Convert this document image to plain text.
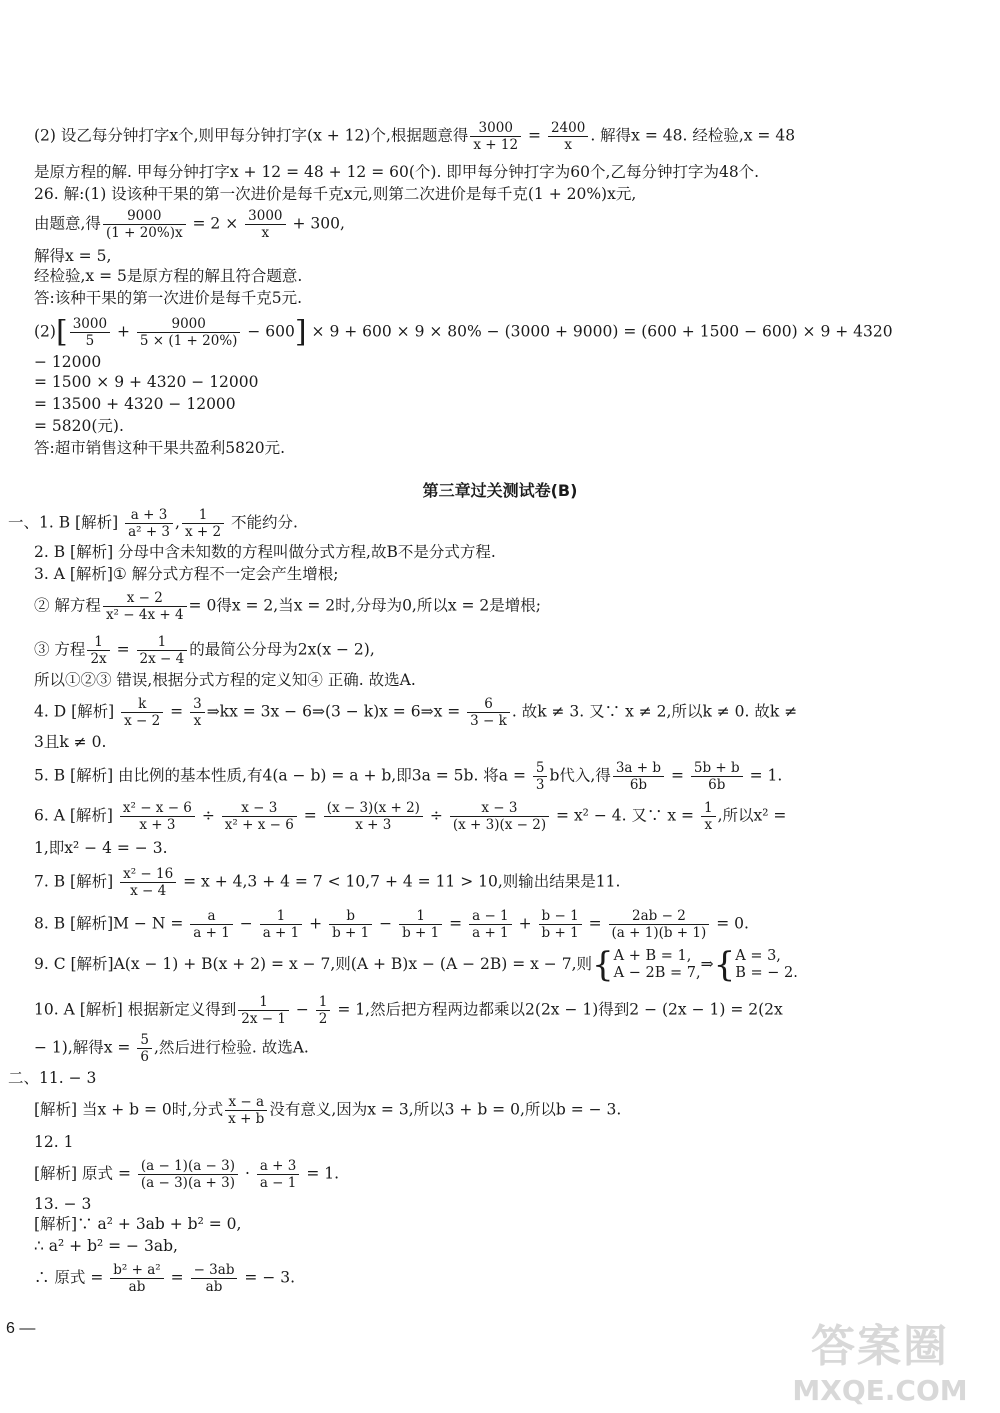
(2) 设乙每分钟打字x个,则甲每分钟打字(x + 12)个,根据题意得 $\frac{3000}{x + 12} = \frac{2400}{x}$ . 解得x = 48. 经检验,x = 48
是原方程的解. 甲每分钟打字x + 12 = 48 + 12 = 60(个). 即甲每分钟打字为60个,乙每分钟打字为48个.
26. 解:(1) 设该种干果的第一次进价是每千克x元,则第二次进价是每千克(1 + 20%)x元,
由题意,得 $\frac{9000}{(1 + 20\%)x} = 2 \times \frac{3000}{x} + 300$,
解得x = 5,
经检验,x = 5是原方程的解且符合题意.
答:该种干果的第一次进价是每千克5元.
$(2)[ \frac{3000}{5} + \frac{9000}{5 \times (1 + 20\%)} - 600] \times 9 + 600 \times 9 \times 80\% - (3000 + 9000) = (600 + 1500 - 600) \times 9 + 4320$
− 12000
= 1500 × 9 + 4320 − 12000
= 13500 + 4320 − 12000
= 5820(元).
答:超市销售这种干果共盈利5820元.
第三章过关测试卷(B)
一、1. B [解析] $\frac{a + 3}{\text{a² + 3}}$ , $\frac{1}{x + 2}$ 不能约分.
2. B [解析] 分母中含未知数的方程叫做分式方程,故B不是分式方程.
3. A [解析]① 解分式方程不一定会产生增根;
② 解方程 $\frac{x - 2}{\text{x² − 4x + 4}} = 0$得x = 2,当x = 2时,分母为0,所以x = 2是增根;
③ 方程 $\frac{1}{2x} = \frac{1}{2x - 4}$ 的最简公分母为2x(x − 2),
所以①②③ 错误,根据分式方程的定义知④ 正确. 故选A.
4. D [解析] $\frac{k}{x - 2} = \frac{3}{x}$ ⇒kx = 3x − 6⇒(3 − k)x = 6⇒x = $\frac{6}{3 - k}$ . 故k ≠ 3. 又∵ x ≠ 2,所以k ≠ 0. 故k ≠
3且k ≠ 0.
5. B [解析] 由比例的基本性质,有4(a − b) = a + b,即3a = 5b. 将$a = \frac{5}{3}$ b代入,得 $\frac{3a + b}{6b} = \frac{5b + b}{6b} = 1$.
6. A [解析] $\frac{\text{x² − x − 6}}{x + 3} \div \frac{x - 3}{\text{x² + x − 6}} = \frac{(x - 3)(x + 2)}{x + 3} \div \frac{x - 3}{(x + 3)(x - 2)} = x^2 - 4$. 又∵ $x = \frac{1}{x}$ ,所以x² =
1,即x² − 4 = − 3.
7. B [解析] $\frac{\text{x² − 16}}{x - 4} = x + 4,3 + 4 = 7 < 10,7 + 4 = 11 > 10$,则输出结果是11.
8. B [解析]$M - N = \frac{a}{a + 1} - \frac{1}{a + 1} + \frac{b}{b + 1} - \frac{1}{b + 1} = \frac{a - 1}{a + 1} + \frac{b - 1}{b + 1} = \frac{2ab - 2}{(a + 1)(b + 1)} = 0$.
9. C [解析]A(x − 1) + B(x + 2) = x − 7,则(A + B)x − (A − 2B) = x − 7,则{ A + B = 1,
A − 2B = 7, ⇒{ A = 3,
B = − 2.
10. A [解析] 根据新定义得到 $\frac{1}{2x - 1} - \frac{1}{2} = 1$,然后把方程两边都乘以2(2x − 1)得到2 − (2x − 1) = 2(2x
− 1),解得$x = \frac{5}{6}$ ,然后进行检验. 故选A.
二、11. − 3
[解析] 当x + b = 0时,分式 $\frac{x - a}{x + b}$ 没有意义,因为x = 3,所以3 + b = 0,所以b = − 3.
12. 1
[解析] 原式 = $\frac{(a - 1)(a - 3)}{(a - 3)(a + 3)} \cdot \frac{a + 3}{a - 1} = 1$.
13. − 3
[解析]∵ a² + 3ab + b² = 0,
∴ a² + b² = − 3ab,
∴ 原式 = $\frac{\text{b² + a²}}{ab} = \frac{- 3ab}{ab}$ = − 3.
6 —	答案圈
MXQE.COM
